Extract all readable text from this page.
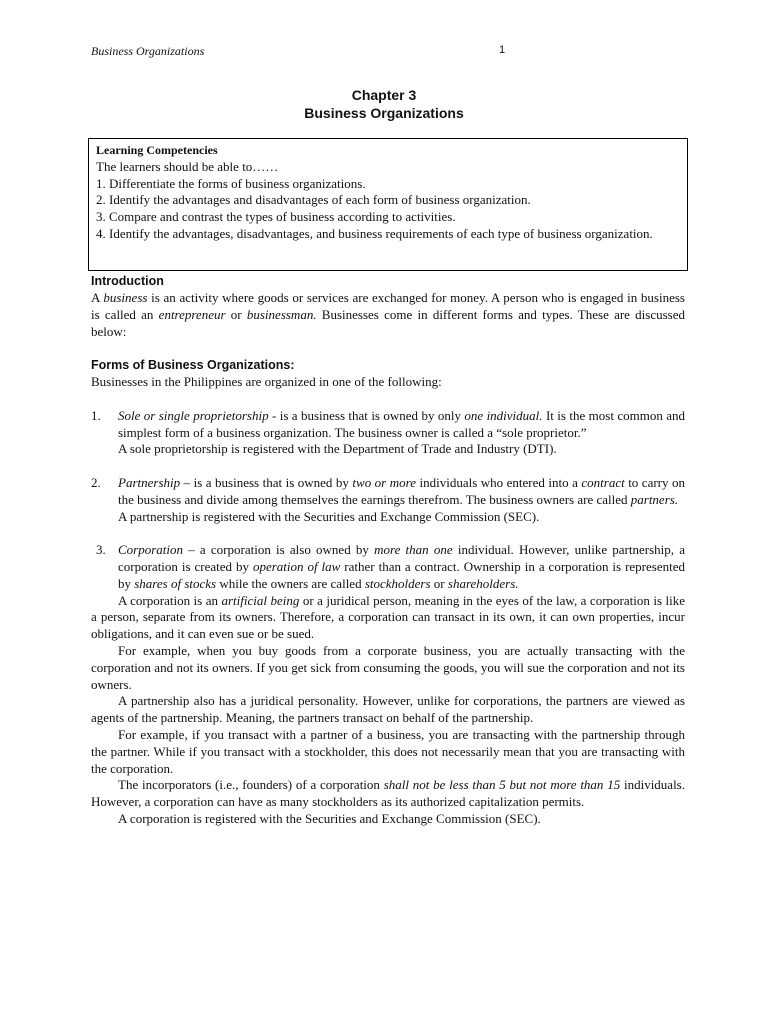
Business Organizations	1
Chapter 3
Business Organizations
Learning Competencies
The learners should be able to……
1. Differentiate the forms of business organizations.
2. Identify the advantages and disadvantages of each form of business organization.
3. Compare and contrast the types of business according to activities.
4. Identify the advantages, disadvantages, and business requirements of each type of business organization.
Introduction

A business is an activity where goods or services are exchanged for money. A person who is engaged in business is called an entrepreneur or businessman. Businesses come in different forms and types. These are discussed below:

Forms of Business Organizations:

Businesses in the Philippines are organized in one of the following:

1.	Sole or single proprietorship - is a business that is owned by only one individual. It is the most common and simplest form of a business organization. The business owner is called a “sole proprietor.”

A sole proprietorship is registered with the Department of Trade and Industry (DTI).

2.	Partnership – is a business that is owned by two or more individuals who entered into a contract to carry on the business and divide among themselves the earnings therefrom. The business owners are called partners.

A partnership is registered with the Securities and Exchange Commission (SEC).

3. Corporation – a corporation is also owned by more than one individual. However, unlike partnership, a corporation is created by operation of law rather than a contract. Ownership in a corporation is represented by shares of stocks while the owners are called stockholders or shareholders.

A corporation is an artificial being or a juridical person, meaning in the eyes of the law, a corporation is like a person, separate from its owners. Therefore, a corporation can transact in its own, it can own properties, incur obligations, and it can even sue or be sued.

For example, when you buy goods from a corporate business, you are actually transacting with the corporation and not its owners. If you get sick from consuming the goods, you will sue the corporation and not its owners.

A partnership also has a juridical personality. However, unlike for corporations, the partners are viewed as agents of the partnership. Meaning, the partners transact on behalf of the partnership.

For example, if you transact with a partner of a business, you are transacting with the partnership through the partner. While if you transact with a stockholder, this does not necessarily mean that you are transacting with the corporation.

The incorporators (i.e., founders) of a corporation shall not be less than 5 but not more than 15 individuals. However, a corporation can have as many stockholders as its authorized capitalization permits.

A corporation is registered with the Securities and Exchange Commission (SEC).
